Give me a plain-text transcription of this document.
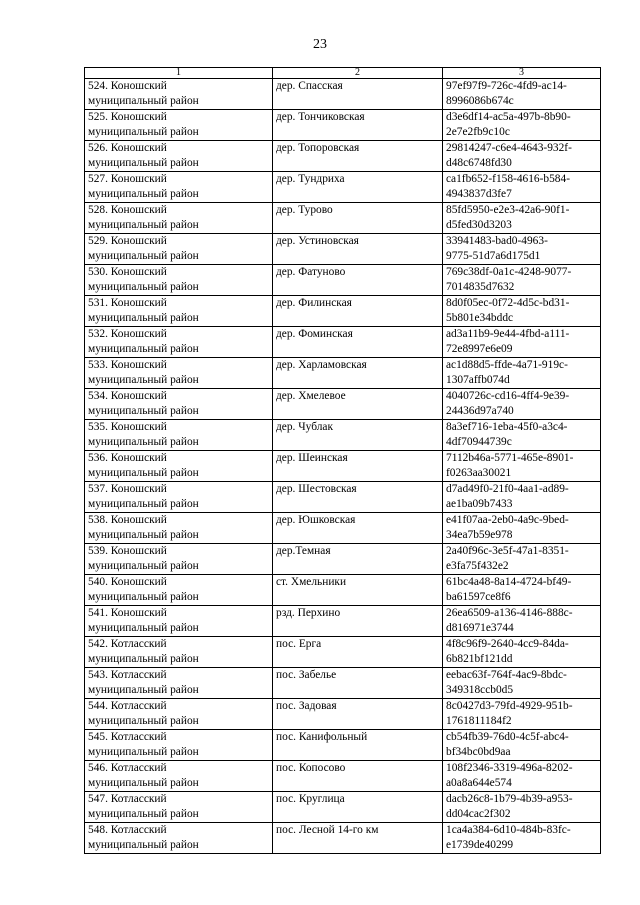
23
1	2	3

524. Коношский
муниципальный район	дер. Спасская	97ef97f9-726c-4fd9-ac14-
8996086b674c

525. Коношский
муниципальный район	дер. Тончиковская	d3e6df14-ac5a-497b-8b90-
2e7e2fb9c10c

526. Коношский
муниципальный район	дер. Топоровская	29814247-c6e4-4643-932f-
d48c6748fd30

527. Коношский
муниципальный район	дер. Тундриха	ca1fb652-f158-4616-b584-
4943837d3fe7

528. Коношский
муниципальный район	дер. Турово	85fd5950-e2e3-42a6-90f1-
d5fed30d3203

529. Коношский
муниципальный район	дер. Устиновская	33941483-bad0-4963-
9775-51d7a6d175d1

530. Коношский
муниципальный район	дер. Фатуново	769c38df-0a1c-4248-9077-
7014835d7632

531. Коношский
муниципальный район	дер. Филинская	8d0f05ec-0f72-4d5c-bd31-
5b801e34bddc

532. Коношский
муниципальный район	дер. Фоминская	ad3a11b9-9e44-4fbd-a111-
72e8997e6e09

533. Коношский
муниципальный район	дер. Харламовская	ac1d88d5-ffde-4a71-919c-
1307affb074d

534. Коношский
муниципальный район	дер. Хмелевое	4040726c-cd16-4ff4-9e39-
24436d97a740

535. Коношский
муниципальный район	дер. Чублак	8a3ef716-1eba-45f0-a3c4-
4df70944739c

536. Коношский
муниципальный район	дер. Шеинская	7112b46a-5771-465e-8901-
f0263aa30021

537. Коношский
муниципальный район	дер. Шестовская	d7ad49f0-21f0-4aa1-ad89-
ae1ba09b7433

538. Коношский
муниципальный район	дер. Юшковская	e41f07aa-2eb0-4a9c-9bed-
34ea7b59e978

539. Коношский
муниципальный район	дер.Темная	2a40f96c-3e5f-47a1-8351-
e3fa75f432e2

540. Коношский
муниципальный район	ст. Хмельники	61bc4a48-8a14-4724-bf49-
ba61597ce8f6

541. Коношский
муниципальный район	рзд. Перхино	26ea6509-a136-4146-888c-
d816971e3744

542. Котласский
муниципальный район	пос. Ерга	4f8c96f9-2640-4cc9-84da-
6b821bf121dd

543. Котласский
муниципальный район	пос. Забелье	eebac63f-764f-4ac9-8bdc-
349318ccb0d5

544. Котласский
муниципальный район	пос. Задовая	8c0427d3-79fd-4929-951b-
1761811184f2

545. Котласский
муниципальный район	пос. Канифольный	cb54fb39-76d0-4c5f-abc4-
bf34bc0bd9aa

546. Котласский
муниципальный район	пос. Копосово	108f2346-3319-496a-8202-
a0a8a644e574

547. Котласский
муниципальный район	пос. Круглица	dacb26c8-1b79-4b39-a953-
dd04cac2f302

548. Котласский
муниципальный район	пос. Лесной 14-го км	1ca4a384-6d10-484b-83fc-
e1739de40299
